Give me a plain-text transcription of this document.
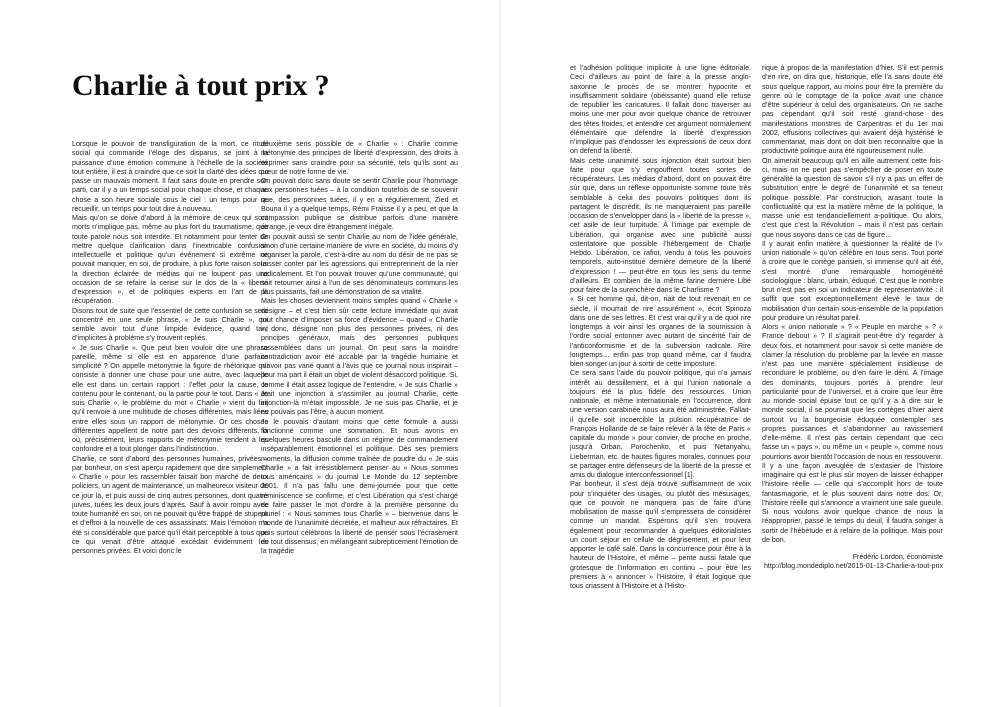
Charlie à tout prix ?

Lorsque le pouvoir de transfiguration de la mort, ce rituel social qui commande l’éloge des disparus, se joint à la puissance d’une émotion commune à l’échelle de la société tout entière, il est à craindre que ce soit la clarté des idées qui passe un mauvais moment. Il faut sans doute en prendre son parti, car il y a un temps social pour chaque chose, et chaque chose a son heure sociale sous le ciel : un temps pour se recueillir, un temps pour tout dire à nouveau.

Mais qu’on se doive d’abord à la mémoire de ceux qui sont morts n’implique pas, même au plus fort du traumatisme, que toute parole nous soit interdite. Et notamment pour tenter de mettre quelque clarification dans l’inextricable confusion intellectuelle et politique qu’un événement si extrême ne pouvait manquer, en soi, de produire, à plus forte raison sous la direction éclairée de médias qui ne loupent pas une occasion de se refaire la cerise sur le dos de la « liberté d’expression », et de politiques experts en l’art de la récupération.

Disons tout de suite que l’essentiel de cette confusion se sera concentré en une seule phrase, « Je suis Charlie », qui semble avoir tout d’une limpide évidence, quand tant d’implicites à problème s’y trouvent repliés.

« Je suis Charlie ». Que peut bien vouloir dire une phrase pareille, même si elle est en apparence d’une parfaite simplicité ? On appelle métonymie la figure de rhétorique qui consiste à donner une chose pour une autre, avec laquelle elle est dans un certain rapport : l’effet pour la cause, le contenu pour le contenant, ou la partie pour le tout. Dans « Je suis Charlie », le problème du mot « Charlie » vient du fait qu’il renvoie à une multitude de choses différentes, mais liées entre elles sous un rapport de métonymie. Or ces choses différentes appellent de notre part des devoirs différents, là où, précisément, leurs rapports de métonymie tendent à les confondre et à tout plonger dans l’indistinction.

Charlie, ce sont d’abord des personnes humaines, privées – par bonheur, on s’est aperçu rapidement que dire simplement « Charlie » pour les rassembler faisait bon marché de deux policiers, un agent de maintenance, un malheureux visiteur de ce jour là, et puis aussi de cinq autres personnes, dont quatre juives, tuées les deux jours d’après. Sauf à avoir rompu avec toute humanité en soi, on ne pouvait qu’être frappé de stupeur et d’effroi à la nouvelle de ces assassinats. Mais l’émotion n’a été si considérable que parce qu’il était perceptible à tous que ce qui venait d’être attaqué excédait évidemment les personnes privées. Et voici donc le

deuxième sens possible de « Charlie » : Charlie comme métonymie des principes de liberté d’expression, des droits à exprimer sans craindre pour sa sécurité, tels qu’ils sont au cœur de notre forme de vie.

On pouvait donc sans doute se sentir Charlie pour l’hommage aux personnes tuées – à la condition toutefois de se souvenir que, des personnes tuées, il y en a régulièrement, Zied et Bouna il y a quelque temps, Rémi Fraisse il y a peu, et que la compassion publique se distribue parfois d’une manière étrange, je veux dire étrangement inégale.

On pouvait aussi se sentir Charlie au nom de l’idée générale, sinon d’une certaine manière de vivre en société, du moins d’y organiser la parole, c’est-à-dire au nom du désir de ne pas se laisser conter par les agressions qui entreprennent de la nier radicalement. Et l’on pouvait trouver qu’une communauté, qui sait retourner ainsi à l’un de ses dénominateurs communs les plus puissants, fait une démonstration de sa vitalité.

Mais les choses deviennent moins simples quand « Charlie » désigne – et c’est bien sûr cette lecture immédiate qui avait tout chance d’imposer sa force d’évidence – quand « Charlie », donc, désigne non plus des personnes privées, ni des principes généraux, mais des personnes publiques rassemblées dans un journal. On peut sans la moindre contradiction avoir été accablé par la tragédie humaine et n’avoir pas varié quant à l’avis que ce journal nous inspirait – pour ma part il était un objet de violent désaccord politique. Si, comme il était assez logique de l’entendre, « Je suis Charlie » était une injonction à s’assimiler au journal Charlie, cette injonction-là m’était impossible. Je ne suis pas Charlie, et je ne pouvais pas l’être, à aucun moment.

Je le pouvais d’autant moins que cette formule a aussi fonctionné comme une sommation. Et nous avons en quelques heures basculé dans un régime de commandement inséparablement émotionnel et politique. Dès ses premiers moments, la diffusion comme traînée de poudre du « Je suis Charlie » a fait irrésistiblement penser au « Nous sommes tous américains » du journal Le Monde du 12 septembre 2001. Il n’a pas fallu une demi-journée pour que cette réminiscence se confirme, et c’est Libération qui s’est chargé de faire passer le mot d’ordre à la première personne du pluriel : « Nous sommes tous Charlie » – bienvenue dans le monde de l’unanimité décrétée, et malheur aux réfractaires. Et puis surtout célébrons la liberté de penser sous l’écrasement de tout dissensus, en mélangeant subrepticement l’émotion de la tragédie

et l’adhésion politique implicite à une ligne éditoriale. Ceci d’ailleurs au point de faire à la presse anglo-saxonne le procès de se montrer hypocrite et insuffisamment solidaire (obéissante) quand elle refuse de republier les caricatures. Il fallait donc traverser au moins une mer pour avoir quelque chance de retrouver des têtes froides, et entendre cet argument normalement élémentaire que défendre la liberté d’expression n’implique pas d’endosser les expressions de ceux dont on défend la liberté.

Mais cette unanimité sous injonction était surtout bien faite pour que s’y engouffrent toutes sortes de récupérateurs. Les médias d’abord, dont on pouvait être sûr que, dans un réflexe opportuniste somme toute très semblable à celui des pouvoirs politiques dont ils partagent le discrédit, ils ne manqueraient pas pareille occasion de s’envelopper dans la « liberté de la presse », cet asile de leur turpitude. À l’image par exemple de Libération, qui organise avec une publicité aussi ostentatoire que possible l’hébergement de Charlie Hebdo. Libération, ce rafiot, vendu à tous les pouvoirs temporels, auto-institué dernière demeure de la liberté d’expression ! — peut-être en tous les sens du terme d’ailleurs. Et combien de la même farine dernière Libé pour faire de la surenchère dans le Charlisme ?

« Si cet homme qui, dit-on, riait de tout revenait en ce siècle, il mourrait de rire assurément », écrit Spinoza dans une de ses lettres. Et c’est vrai qu’il y a de quoi rire longtemps à voir ainsi les organes de la soumission à l’ordre social entonner avec autant de sincérité l’air de l’anticonformisme et de la subversion radicale. Rire longtemps… enfin pas trop quand même, car il faudra bien songer un jour à sortir de cette imposture.

Ce sera sans l’aide du pouvoir politique, qui n’a jamais intérêt au dessillement, et à qui l’union nationale a toujours été la plus fidèle des ressources. Union nationale, et même internationale en l’occurrence, dont une version carabinée nous aura été administrée. Fallait-il qu’elle soit incoercible la pulsion récupératrice de François Hollande de se faire relever à la tête de Paris « capitale du monde » pour convier, de proche en proche, jusqu’à Orban, Porochenko, et puis Netanyahu, Lieberman, etc. de hautes figures morales, connues pour se partager entre défenseurs de la liberté de la presse et amis du dialogue interconfessionnel [1].

Par bonheur, il s’est déjà trouvé suffisamment de voix pour s’inquiéter des usages, ou plutôt des mésusages, que ce pouvoir ne manquera pas de faire d’une mobilisation de masse qu’il s’empressera de considérer comme un mandat. Espérons qu’il s’en trouvera également pour recommander à quelques éditorialistes un court séjour en cellule de dégrisement, et pour leur apporter le café salé. Dans la concurrence pour être à la hauteur de l’Histoire, et même – pente aussi fatale que grotesque de l’information en continu – pour être les premiers à « annoncer » l’Histoire, il était logique que tous criassent à l’Histoire et à l’Histo-

rique à propos de la manifestation d’hier. S’il est permis d’en rire, on dira que, historique, elle l’a sans doute été sous quelque rapport, au moins pour être la première du genre où le comptage de la police avait une chance d’être supérieur à celui des organisateurs. On ne sache pas cependant qu’il soit resté grand-chose des manifestations monstres de Carpentras et du 1er mai 2002, effusions collectives qui avaient déjà hystérisé le commentariat, mais dont on doit bien reconnaître que la productivité politique aura été rigoureusement nulle.

On aimerait beaucoup qu’il en aille autrement cette fois-ci, mais on ne peut pas s’empêcher de poser en toute généralité la question de savoir s’il n’y a pas un effet de substitution entre le degré de l’unanimité et sa teneur politique possible. Par construction, arasant toute la conflictualité qui est la matière même de la politique, la masse unie est tendanciellement a-politique. Ou alors, c’est que c’est la Révolution – mais il n’est pas certain que nous soyons dans ce cas de figure…

Il y aurait enfin matière à questionner la réalité de l’« union nationale » qu’on célèbre en tous sens. Tout porte à croire que le cortège parisien, si immense qu’il ait été, s’est montré d’une remarquable homogénéité sociologique : blanc, urbain, éduqué. C’est que le nombre brut n’est pas en soi un indicateur de représentativité : il suffit que soit exceptionnellement élevé le taux de mobilisation d’un certain sous-ensemble de la population pour produire un résultat pareil.

Alors « union nationale » ? « Peuple en marche » ? « France debout » ? Il s’agirait peut-être d’y regarder à deux fois, et notamment pour savoir si cette manière de clamer la résolution du problème par la levée en masse n’est pas une manière spécialement insidieuse de reconduire le problème, ou d’en faire le déni. À l’image des dominants, toujours portés à prendre leur particularité pour de l’universel, et à croire que leur être au monde social épuise tout ce qu’il y a à dire sur le monde social, il se pourrait que les cortèges d’hier aient surtout vu la bourgeoisie éduquée contempler ses propres puissances et s’abandonner au ravissement d’elle-même. Il n’est pas certain cependant que ceci fasse un « pays », ou même un « peuple », comme nous pourrions avoir bientôt l’occasion de nous en ressouvenir.

Il y a une façon aveuglée de s’extasier de l’histoire imaginaire qui est le plus sûr moyen de laisser échapper l’histoire réelle — celle qui s’accomplit hors de toute fantasmagorie, et le plus souvent dans notre dos. Or, l’histoire réelle qui s’annonce a vraiment une sale gueule. Si nous voulons avoir quelque chance de nous la réapproprier, passé le temps du deuil, il faudra songer à sortir de l’hébétude et à refaire de la politique. Mais pour de bon.

Frédéric Lordon, économiste
http://blog.mondediplo.net/2015-01-13-Charlie-a-tout-prix
